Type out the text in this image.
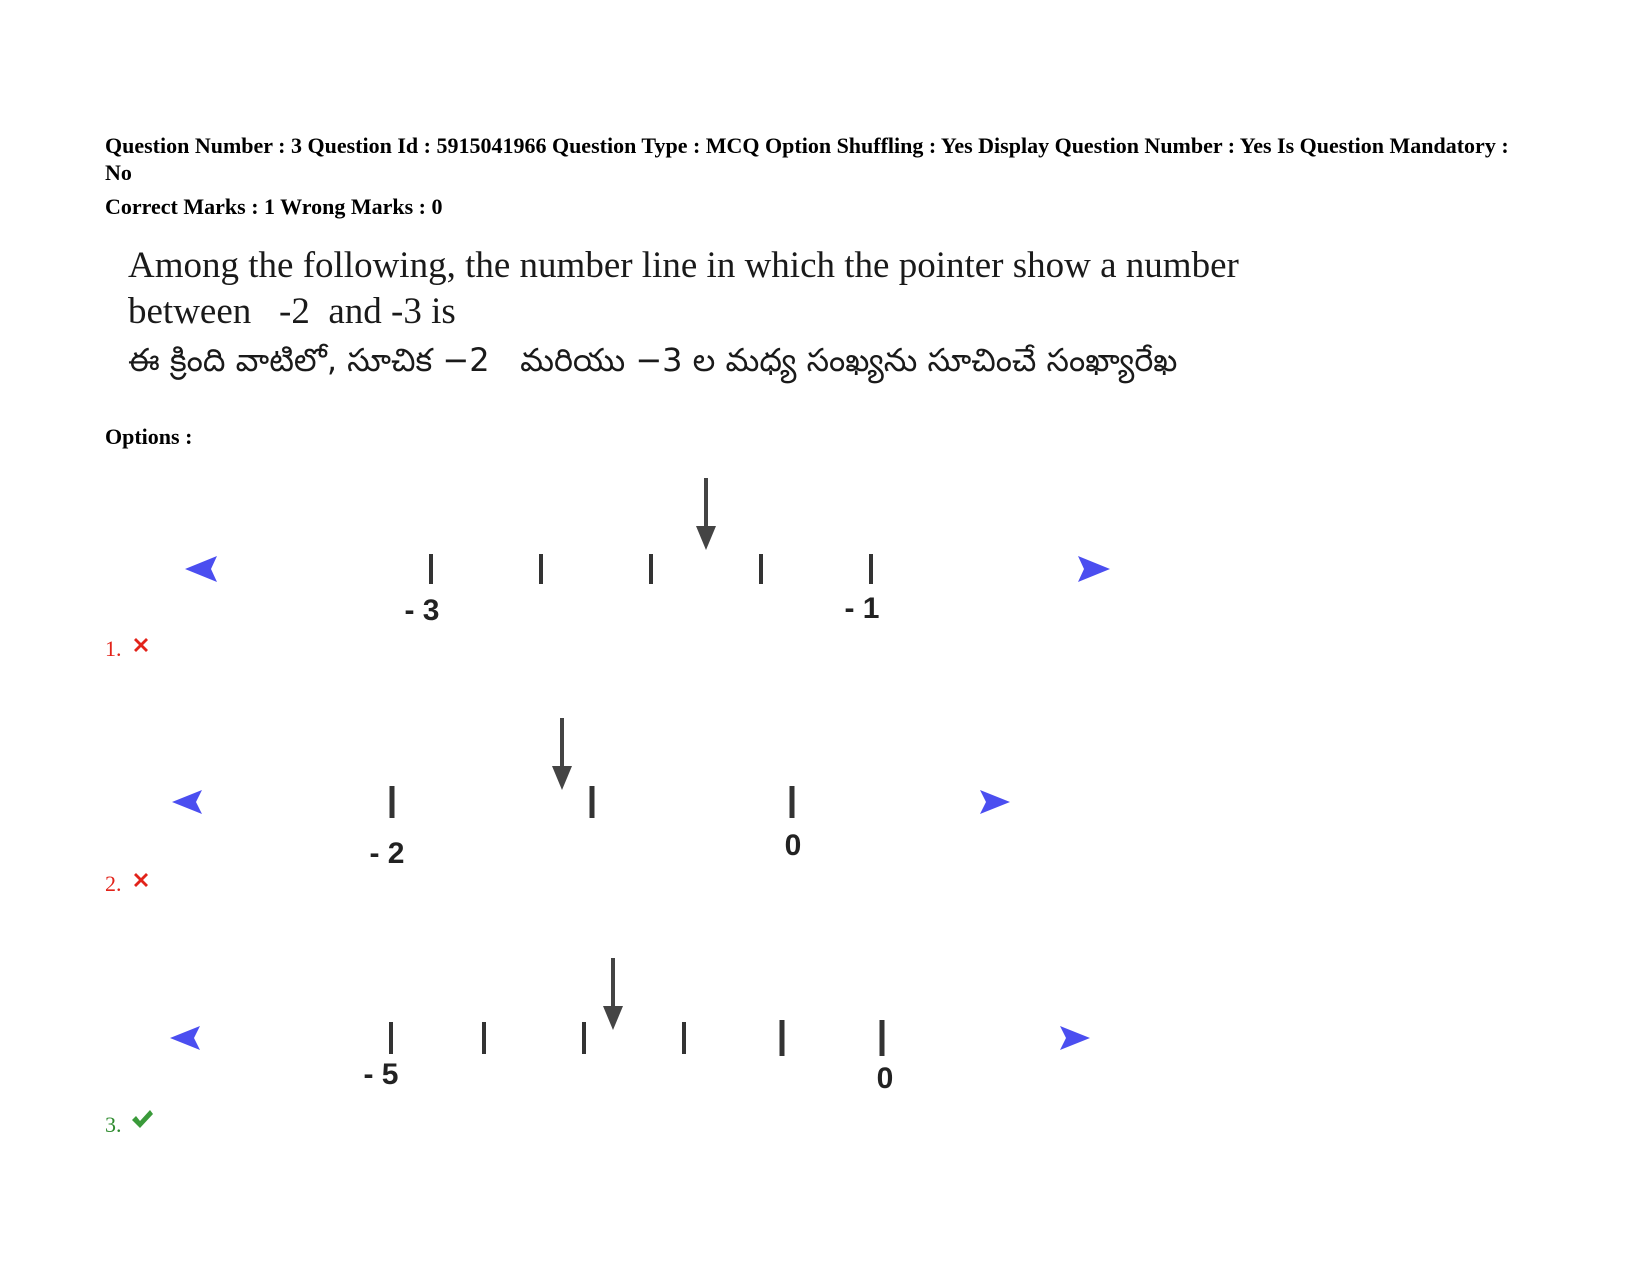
Question Number : 3 Question Id : 5915041966 Question Type : MCQ Option Shuffling : Yes Display Question Number : Yes Is Question Mandatory : No
Correct Marks : 1 Wrong Marks : 0
Among the following, the number line in which the pointer show a number
between   -2  and -3 is
ఈ క్రింది వాటిలో, సూచిక −2   మరియు −3 ల మధ్య సంఖ్యను సూచించే సంఖ్యారేఖ
Options :
- 3	- 1
1.
- 2	0
2.
- 5	0
3.
